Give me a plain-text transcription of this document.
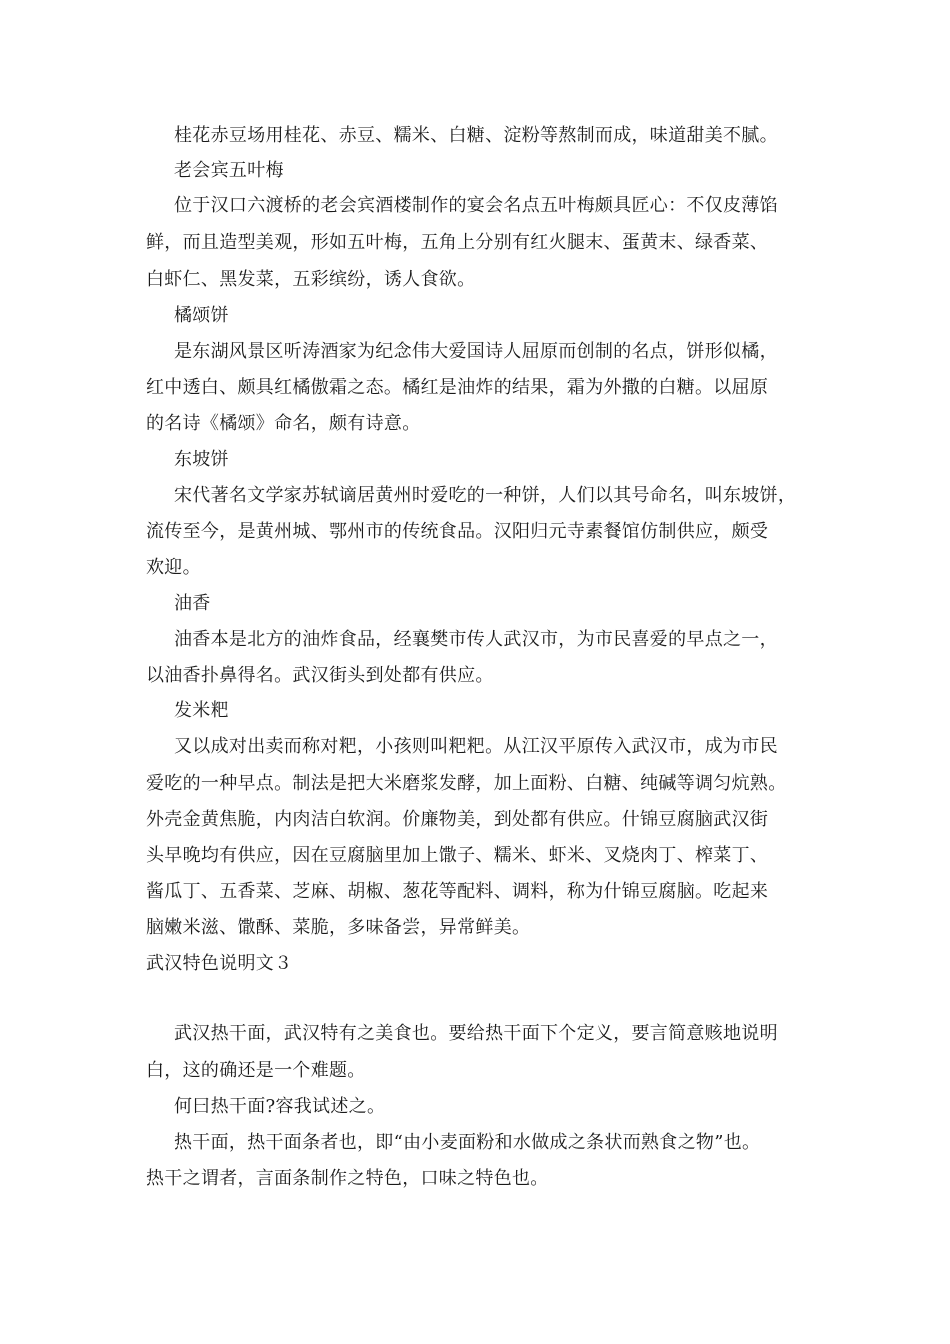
桂花赤豆场用桂花、赤豆、糯米、白糖、淀粉等熬制而成，味道甜美不腻。
老会宾五叶梅
位于汉口六渡桥的老会宾酒楼制作的宴会名点五叶梅颇具匠心：不仅皮薄馅
鲜，而且造型美观，形如五叶梅，五角上分别有红火腿末、蛋黄末、绿香菜、
白虾仁、黑发菜，五彩缤纷，诱人食欲。
橘颂饼
是东湖风景区听涛酒家为纪念伟大爱国诗人屈原而创制的名点，饼形似橘，
红中透白、颇具红橘傲霜之态。橘红是油炸的结果，霜为外撒的白糖。以屈原
的名诗《橘颂》命名，颇有诗意。
东坡饼
宋代著名文学家苏轼谪居黄州时爱吃的一种饼，人们以其号命名，叫东坡饼，
流传至今，是黄州城、鄂州市的传统食品。汉阳归元寺素餐馆仿制供应，颇受
欢迎。
油香
油香本是北方的油炸食品，经襄樊市传人武汉市，为市民喜爱的早点之一，
以油香扑鼻得名。武汉街头到处都有供应。
发米粑
又以成对出卖而称对粑，小孩则叫粑粑。从江汉平原传入武汉市，成为市民
爱吃的一种早点。制法是把大米磨浆发酵，加上面粉、白糖、纯碱等调匀炕熟。
外壳金黄焦脆，内肉洁白软润。价廉物美，到处都有供应。什锦豆腐脑武汉街
头早晚均有供应，因在豆腐脑里加上馓子、糯米、虾米、叉烧肉丁、榨菜丁、
酱瓜丁、五香菜、芝麻、胡椒、葱花等配料、调料，称为什锦豆腐脑。吃起来
脑嫩米滋、馓酥、菜脆，多味备尝，异常鲜美。
武汉特色说明文３
武汉热干面，武汉特有之美食也。要给热干面下个定义，要言简意赅地说明
白，这的确还是一个难题。
何曰热干面?容我试述之。
热干面，热干面条者也，即“由小麦面粉和水做成之条状而熟食之物”也。
热干之谓者，言面条制作之特色，口味之特色也。
